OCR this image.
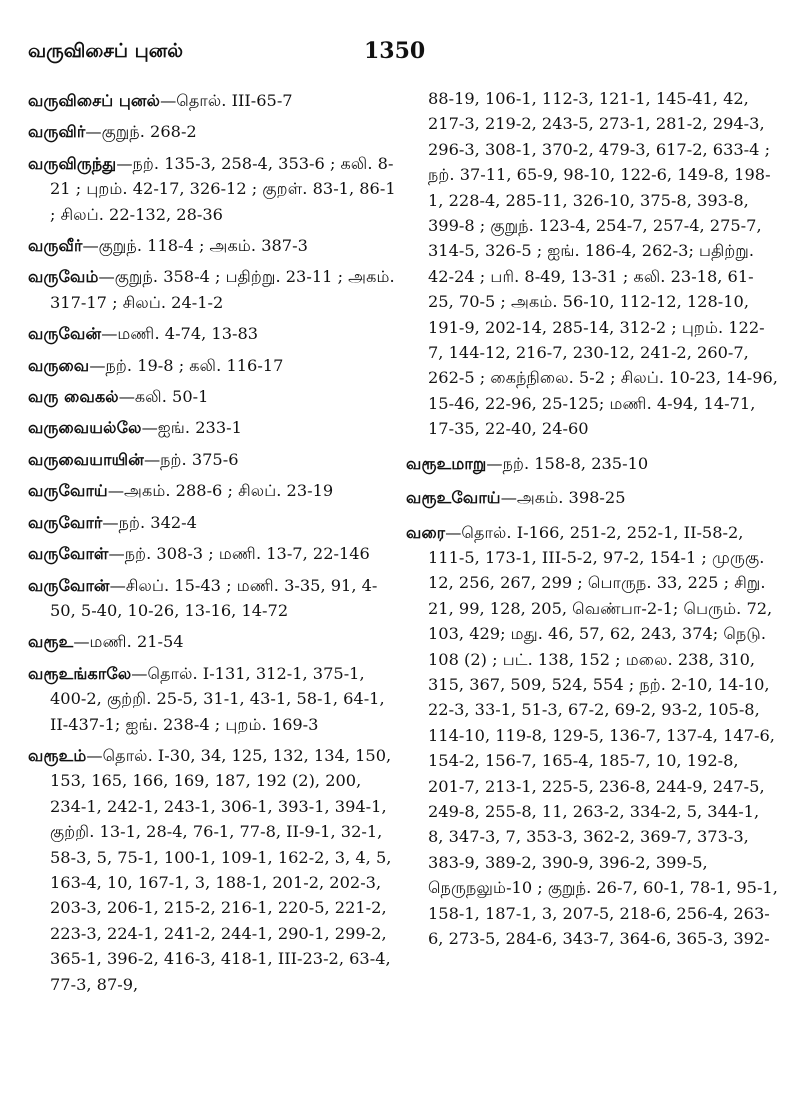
வருவிசைப் புனல்	1350
வருவிசைப் புனல்—தொல். III-65-7
வருவிர்—குறுந். 268-2
வருவிருந்து—நற். 135-3, 258-4, 353-6 ; கலி. 8-21 ; புறம். 42-17, 326-12 ; குறள். 83-1, 86-1 ; சிலப். 22-132, 28-36
வருவீர்—குறுந். 118-4 ; அகம். 387-3
வருவேம்—குறுந். 358-4 ; பதிற்று. 23-11 ; அகம். 317-17 ; சிலப். 24-1-2
வருவேன்—மணி. 4-74, 13-83
வருவை—நற். 19-8 ; கலி. 116-17
வரு வைகல்—கலி. 50-1
வருவையல்லே—ஐங். 233-1
வருவையாயின்—நற். 375-6
வருவோய்—அகம். 288-6 ; சிலப். 23-19
வருவோர்—நற். 342-4
வருவோள்—நற். 308-3 ; மணி. 13-7, 22-146
வருவோன்—சிலப். 15-43 ; மணி. 3-35, 91, 4-50, 5-40, 10-26, 13-16, 14-72
வரூஉ—மணி. 21-54
வரூஉங்காலே—தொல். I-131, 312-1, 375-1, 400-2, குற்றி. 25-5, 31-1, 43-1, 58-1, 64-1, II-437-1; ஐங். 238-4 ; புறம். 169-3
வரூஉம்—தொல். I-30, 34, 125, 132, 134, 150, 153, 165, 166, 169, 187, 192 (2), 200, 234-1, 242-1, 243-1, 306-1, 393-1, 394-1, குற்றி. 13-1, 28-4, 76-1, 77-8, II-9-1, 32-1, 58-3, 5, 75-1, 100-1, 109-1, 162-2, 3, 4, 5, 163-4, 10, 167-1, 3, 188-1, 201-2, 202-3, 203-3, 206-1, 215-2, 216-1, 220-5, 221-2, 223-3, 224-1, 241-2, 244-1, 290-1, 299-2, 365-1, 396-2, 416-3, 418-1, III-23-2, 63-4, 77-3, 87-9,
88-19, 106-1, 112-3, 121-1, 145-41, 42, 217-3, 219-2, 243-5, 273-1, 281-2, 294-3, 296-3, 308-1, 370-2, 479-3, 617-2, 633-4 ; நற். 37-11, 65-9, 98-10, 122-6, 149-8, 198-1, 228-4, 285-11, 326-10, 375-8, 393-8, 399-8 ; குறுந். 123-4, 254-7, 257-4, 275-7, 314-5, 326-5 ; ஐங். 186-4, 262-3; பதிற்று. 42-24 ; பரி. 8-49, 13-31 ; கலி. 23-18, 61-25, 70-5 ; அகம். 56-10, 112-12, 128-10, 191-9, 202-14, 285-14, 312-2 ; புறம். 122-7, 144-12, 216-7, 230-12, 241-2, 260-7, 262-5 ; கைந்நிலை. 5-2 ; சிலப். 10-23, 14-96, 15-46, 22-96, 25-125; மணி. 4-94, 14-71, 17-35, 22-40, 24-60
வரூஉமாறு—நற். 158-8, 235-10
வரூஉவோய்—அகம். 398-25
வரை—தொல். I-166, 251-2, 252-1, II-58-2, 111-5, 173-1, III-5-2, 97-2, 154-1 ; முருகு. 12, 256, 267, 299 ; பொருந. 33, 225 ; சிறு. 21, 99, 128, 205, வெண்பா-2-1; பெரும். 72, 103, 429; மது. 46, 57, 62, 243, 374; நெடு. 108 (2) ; பட். 138, 152 ; மலை. 238, 310, 315, 367, 509, 524, 554 ; நற். 2-10, 14-10, 22-3, 33-1, 51-3, 67-2, 69-2, 93-2, 105-8, 114-10, 119-8, 129-5, 136-7, 137-4, 147-6, 154-2, 156-7, 165-4, 185-7, 10, 192-8, 201-7, 213-1, 225-5, 236-8, 244-9, 247-5, 249-8, 255-8, 11, 263-2, 334-2, 5, 344-1, 8, 347-3, 7, 353-3, 362-2, 369-7, 373-3, 383-9, 389-2, 390-9, 396-2, 399-5, நெருநலும்-10 ; குறுந். 26-7, 60-1, 78-1, 95-1, 158-1, 187-1, 3, 207-5, 218-6, 256-4, 263-6, 273-5, 284-6, 343-7, 364-6, 365-3, 392-
